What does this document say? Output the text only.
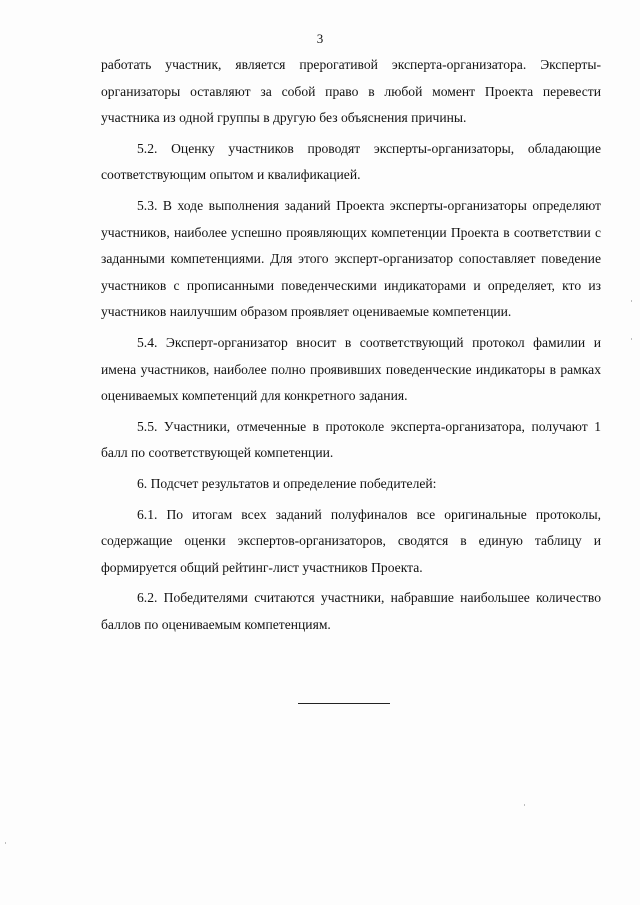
3

работать участник, является прерогативой эксперта-организатора. Эксперты-организаторы оставляют за собой право в любой момент Проекта перевести участника из одной группы в другую без объяснения причины.

5.2. Оценку участников проводят эксперты-организаторы, обладающие соответствующим опытом и квалификацией.

5.3. В ходе выполнения заданий Проекта эксперты-организаторы определяют участников, наиболее успешно проявляющих компетенции Проекта в соответствии с заданными компетенциями. Для этого эксперт-организатор сопоставляет поведение участников с прописанными поведенческими индикаторами и определяет, кто из участников наилучшим образом проявляет оцениваемые компетенции.

5.4. Эксперт-организатор вносит в соответствующий протокол фамилии и имена участников, наиболее полно проявивших поведенческие индикаторы в рамках оцениваемых компетенций для конкретного задания.

5.5. Участники, отмеченные в протоколе эксперта-организатора, получают 1 балл по соответствующей компетенции.

6. Подсчет результатов и определение победителей:

6.1. По итогам всех заданий полуфиналов все оригинальные протоколы, содержащие оценки экспертов-организаторов, сводятся в единую таблицу и формируется общий рейтинг-лист участников Проекта.

6.2. Победителями считаются участники, набравшие наибольшее количество баллов по оцениваемым компетенциям.
